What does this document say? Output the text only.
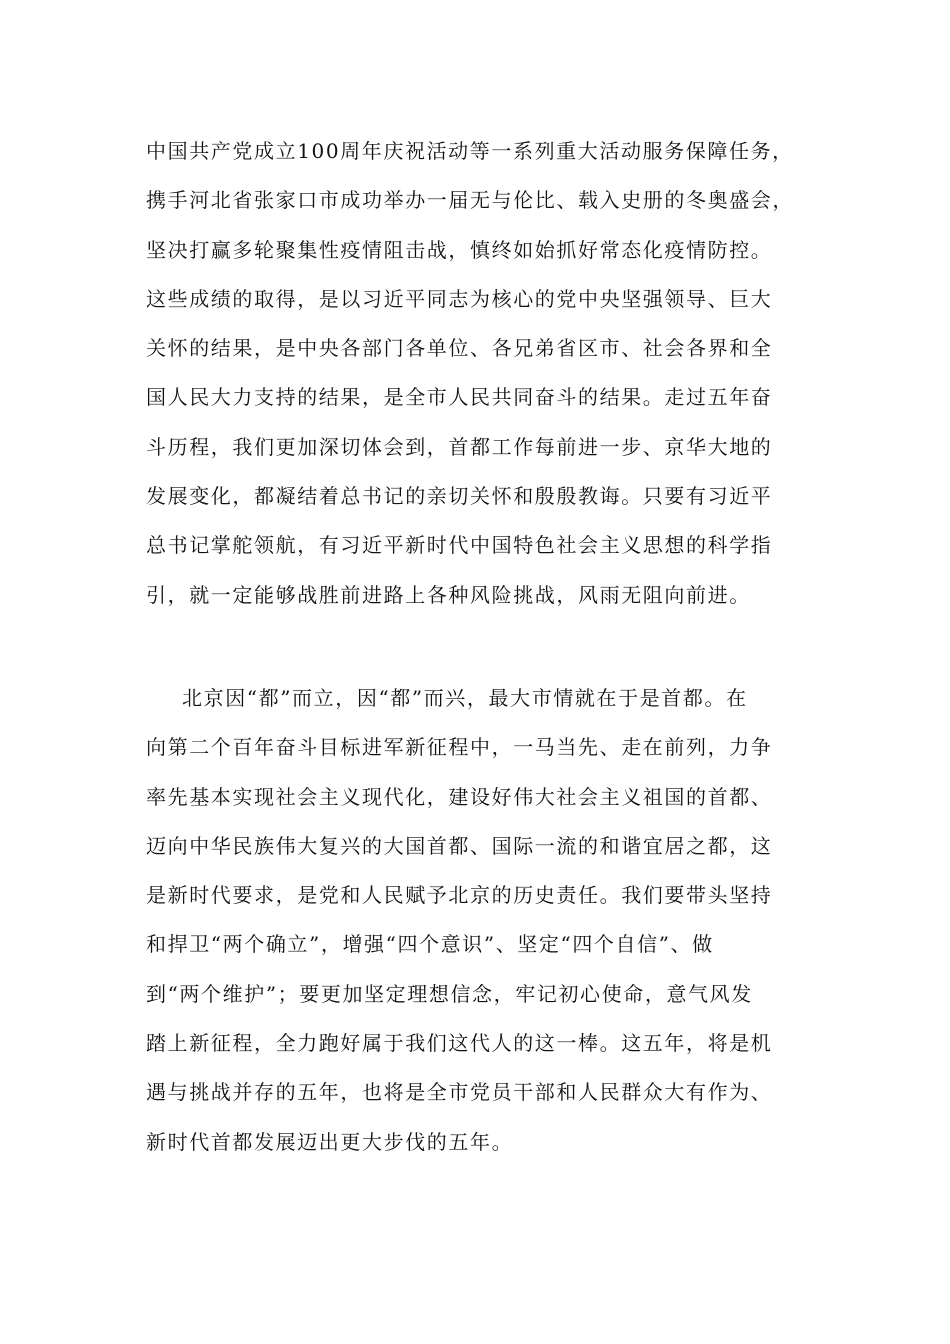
中国共产党成立100周年庆祝活动等一系列重大活动服务保障任务，
携手河北省张家口市成功举办一届无与伦比、载入史册的冬奥盛会，
坚决打赢多轮聚集性疫情阻击战，慎终如始抓好常态化疫情防控。
这些成绩的取得，是以习近平同志为核心的党中央坚强领导、巨大
关怀的结果，是中央各部门各单位、各兄弟省区市、社会各界和全
国人民大力支持的结果，是全市人民共同奋斗的结果。走过五年奋
斗历程，我们更加深切体会到，首都工作每前进一步、京华大地的
发展变化，都凝结着总书记的亲切关怀和殷殷教诲。只要有习近平
总书记掌舵领航，有习近平新时代中国特色社会主义思想的科学指
引，就一定能够战胜前进路上各种风险挑战，风雨无阻向前进。
北京因“都”而立，因“都”而兴，最大市情就在于是首都。在
向第二个百年奋斗目标进军新征程中，一马当先、走在前列，力争
率先基本实现社会主义现代化，建设好伟大社会主义祖国的首都、
迈向中华民族伟大复兴的大国首都、国际一流的和谐宜居之都，这
是新时代要求，是党和人民赋予北京的历史责任。我们要带头坚持
和捍卫“两个确立”，增强“四个意识”、坚定“四个自信”、做
到“两个维护”；要更加坚定理想信念，牢记初心使命，意气风发
踏上新征程，全力跑好属于我们这代人的这一棒。这五年，将是机
遇与挑战并存的五年，也将是全市党员干部和人民群众大有作为、
新时代首都发展迈出更大步伐的五年。
